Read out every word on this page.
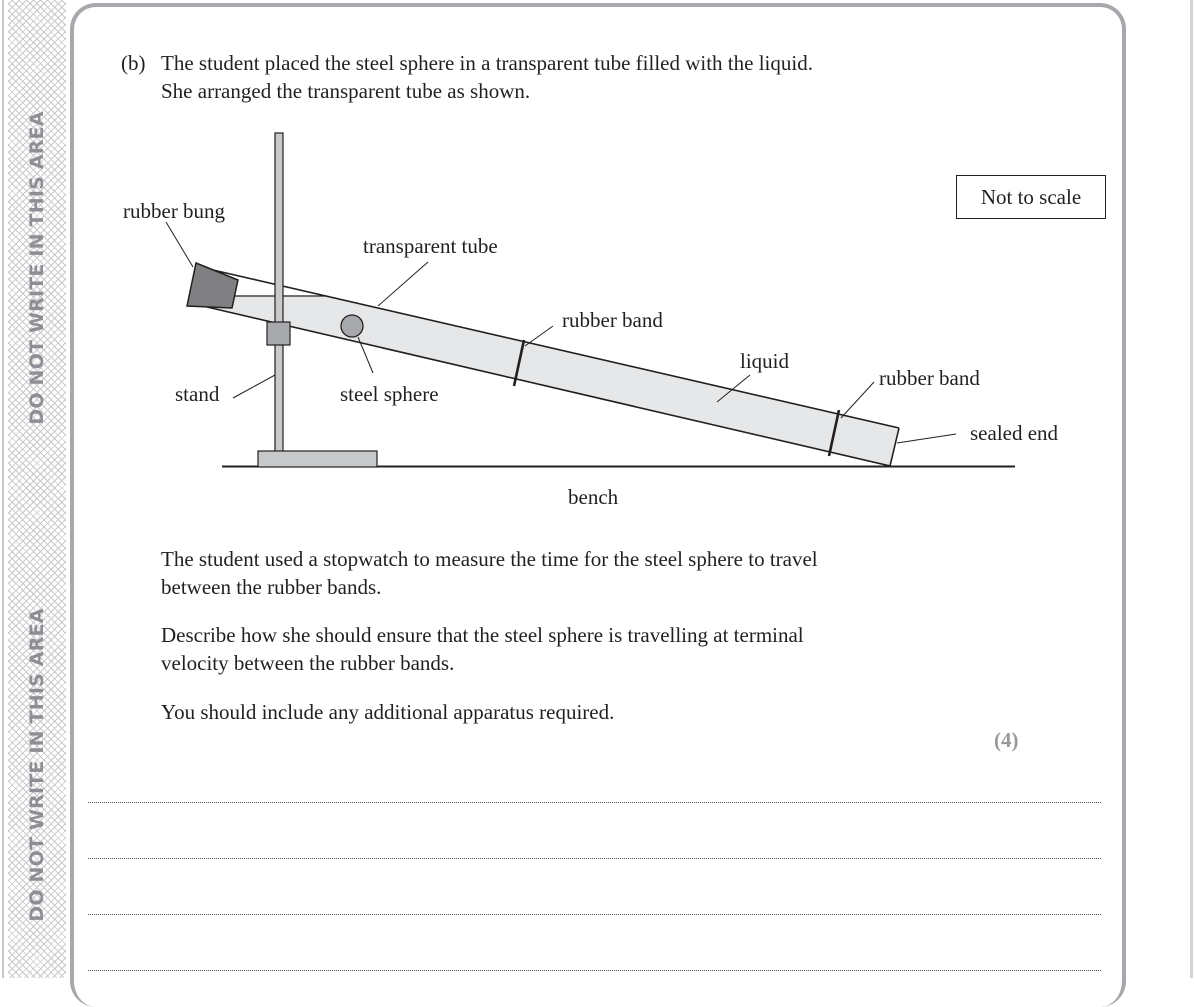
DO NOT WRITE IN THIS AREA
DO NOT WRITE IN THIS AREA
(b) The student placed the steel sphere in a transparent tube filled with the liquid.
She arranged the transparent tube as shown.
Not to scale
rubber bung
transparent tube
rubber band
liquid
rubber band
sealed end
stand	steel sphere
bench
The student used a stopwatch to measure the time for the steel sphere to travel
between the rubber bands.
Describe how she should ensure that the steel sphere is travelling at terminal
velocity between the rubber bands.
You should include any additional apparatus required.
(4)
